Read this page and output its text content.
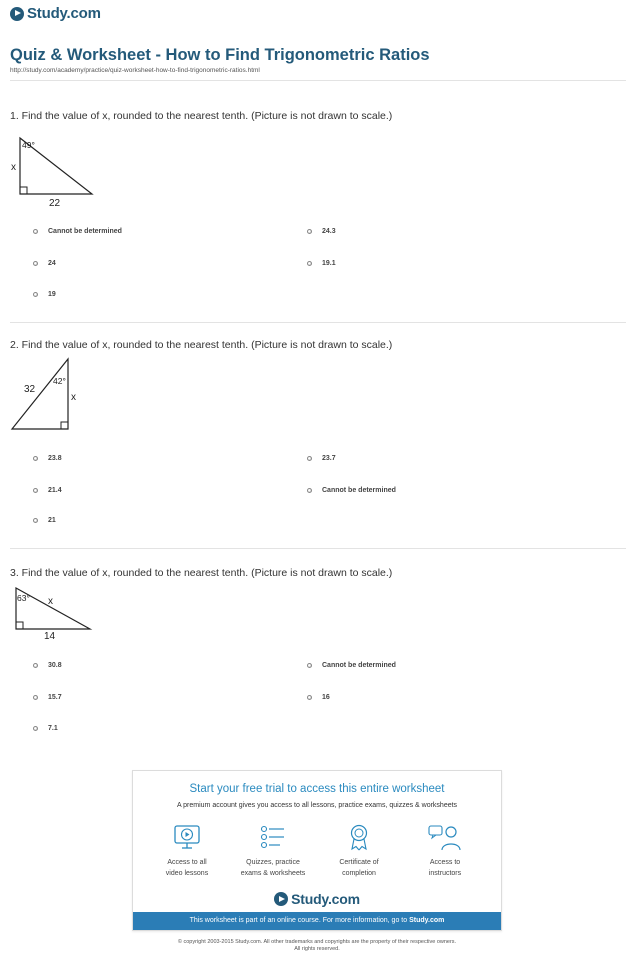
Study.com
Quiz & Worksheet - How to Find Trigonometric Ratios
http://study.com/academy/practice/quiz-worksheet-how-to-find-trigonometric-ratios.html
1. Find the value of x, rounded to the nearest tenth. (Picture is not drawn to scale.)
49°
x
22
Cannot be determined	24.3
24	19.1
19
2. Find the value of x, rounded to the nearest tenth. (Picture is not drawn to scale.)
42°
32
x
23.8	23.7
21.4	Cannot be determined
21
3. Find the value of x, rounded to the nearest tenth. (Picture is not drawn to scale.)
63° x
14
30.8	Cannot be determined
15.7	16
7.1
Start your free trial to access this entire worksheet
A premium account gives you access to all lessons, practice exams, quizzes & worksheets
Access to all
video lessons
Quizzes, practice
exams & worksheets
Certificate of
completion
Access to
instructors
Study.com
This worksheet is part of an online course. For more information, go to Study.com
© copyright 2003-2015 Study.com. All other trademarks and copyrights are the property of their respective owners.
All rights reserved.
